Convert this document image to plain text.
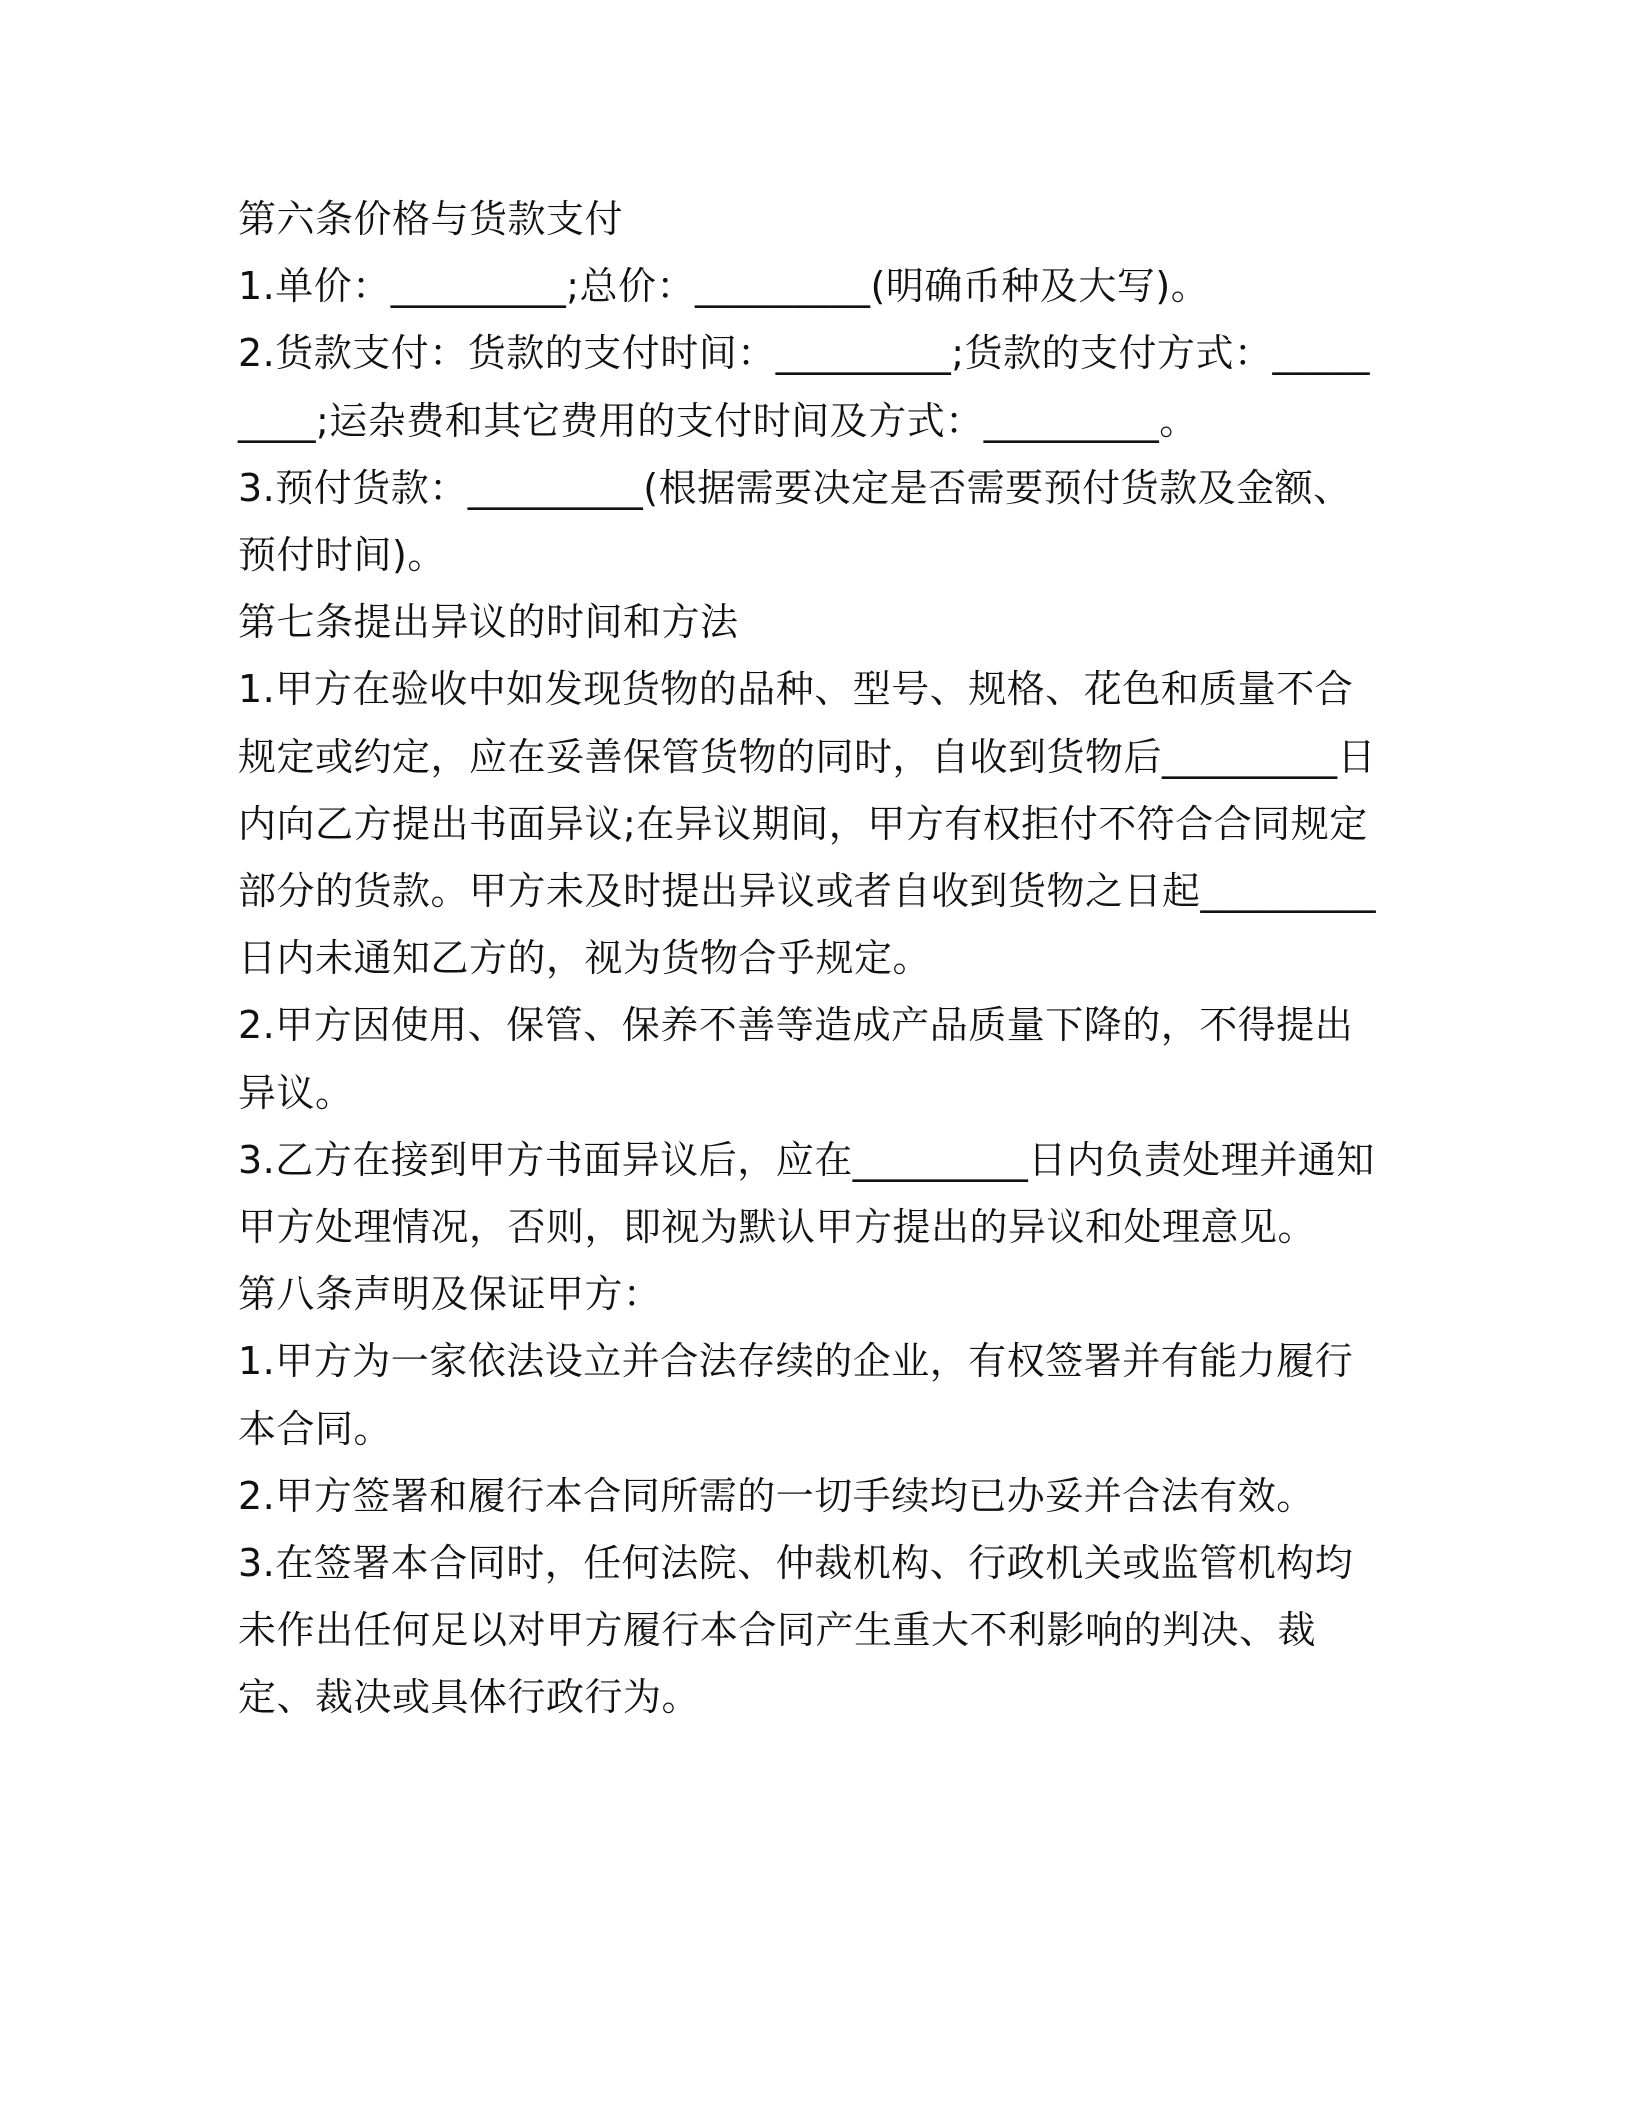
第六条价格与货款支付

1.单价：_________;总价：_________(明确币种及大写)。

2.货款支付：货款的支付时间：_________;货款的支付方式：_________;运杂费和其它费用的支付时间及方式：_________。

3.预付货款：_________(根据需要决定是否需要预付货款及金额、预付时间)。

第七条提出异议的时间和方法

1.甲方在验收中如发现货物的品种、型号、规格、花色和质量不合规定或约定，应在妥善保管货物的同时，自收到货物后_________日内向乙方提出书面异议;在异议期间，甲方有权拒付不符合合同规定部分的货款。甲方未及时提出异议或者自收到货物之日起_________日内未通知乙方的，视为货物合乎规定。

2.甲方因使用、保管、保养不善等造成产品质量下降的，不得提出异议。

3.乙方在接到甲方书面异议后，应在_________日内负责处理并通知甲方处理情况，否则，即视为默认甲方提出的异议和处理意见。

第八条声明及保证甲方：

1.甲方为一家依法设立并合法存续的企业，有权签署并有能力履行本合同。

2.甲方签署和履行本合同所需的一切手续均已办妥并合法有效。

3.在签署本合同时，任何法院、仲裁机构、行政机关或监管机构均未作出任何足以对甲方履行本合同产生重大不利影响的判决、裁定、裁决或具体行政行为。
